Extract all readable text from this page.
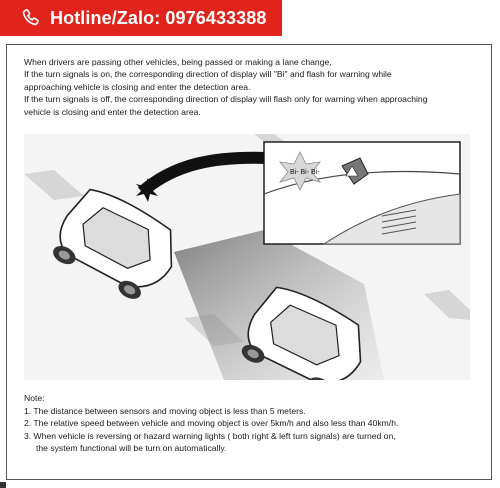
Hotline/Zalo: 0976433388

When drivers are passing other vehicles, being passed or making a lane change,

If the turn signals is on, the corresponding direction of display will "Bi" and flash for warning while

approaching vehicle is closing and enter the detection area.

If the turn signals is off, the corresponding direction of display will flash only for warning when approaching

vehicle is closing and enter the detection area.

Bi- Bi- Bi-

Note:

1. The distance between sensors and moving object is less than 5 meters.

2. The relative speed between vehicle and moving object is over 5km/h and also less than 40km/h.

3. When vehicle is reversing or hazard warning lights ( both right & left turn signals) are turned on,

the system functional will be turn on automatically.
